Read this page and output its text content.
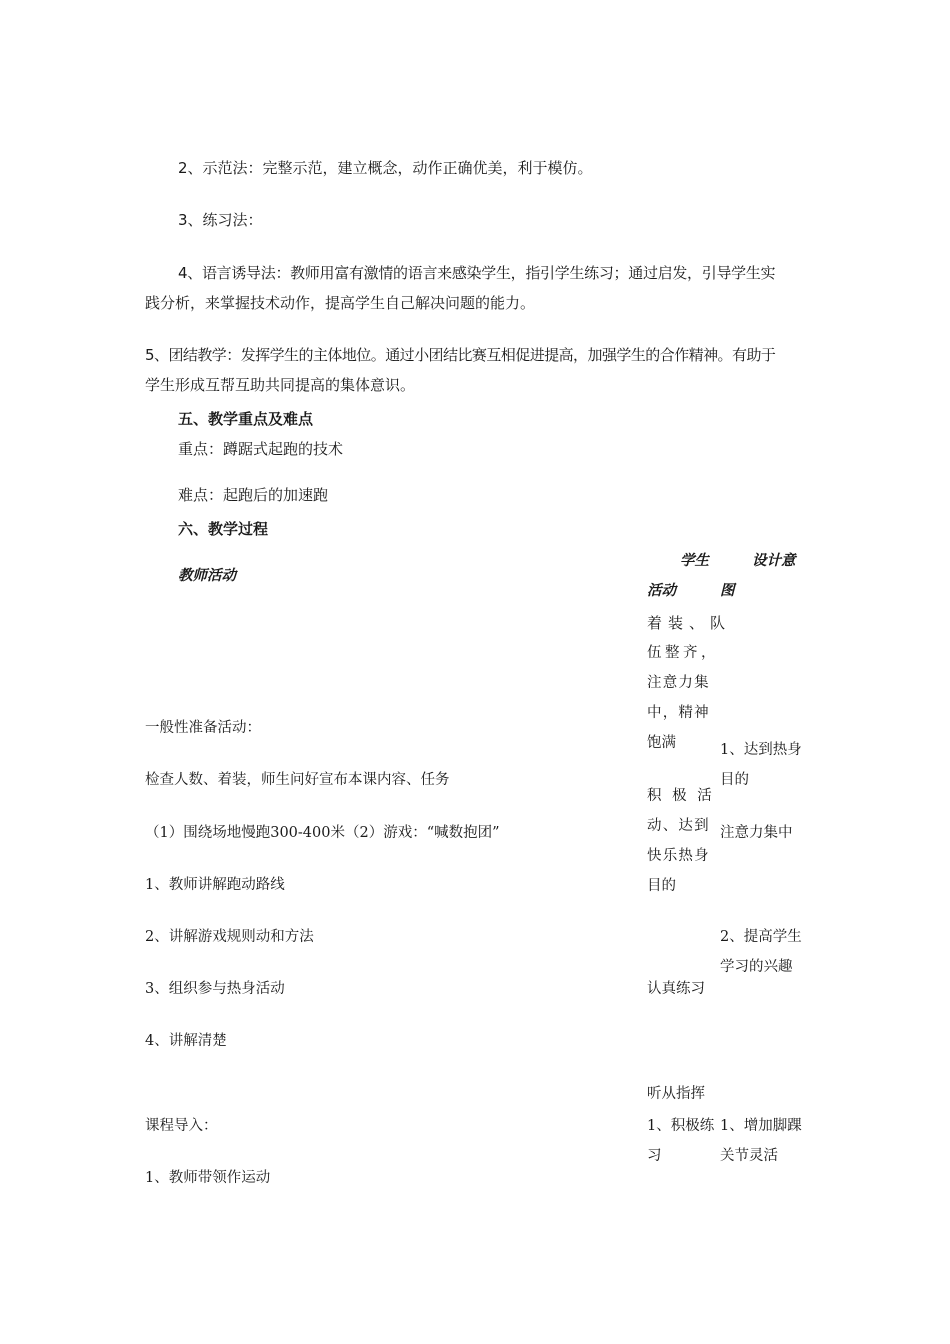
2、示范法：完整示范，建立概念，动作正确优美，利于模仿。
3、练习法：
4、语言诱导法：教师用富有激情的语言来感染学生，指引学生练习；通过启发，引导学生实
践分析，来掌握技术动作，提高学生自己解决问题的能力。
5、团结教学：发挥学生的主体地位。通过小团结比赛互相促进提高，加强学生的合作精神。有助于
学生形成互帮互助共同提高的集体意识。
五、教学重点及难点
重点：蹲踞式起跑的技术
难点：起跑后的加速跑
六、教学过程
教师活动
学生
活动
设计意
图
一般性准备活动：
检查人数、着装，师生问好宣布本课内容、任务
（1）围绕场地慢跑300-400米（2）游戏：“喊数抱团”
1、教师讲解跑动路线
2、讲解游戏规则动和方法
3、组织参与热身活动
4、讲解清楚
课程导入：
1、教师带领作运动
着装、队
伍整齐，
注意力集
中，精神
饱满
积 极 活
动、达到
快乐热身
目的
认真练习
听从指挥
1、积极练
习
1、达到热身
目的
注意力集中
2、提高学生
学习的兴趣
1、增加脚踝
关节灵活
